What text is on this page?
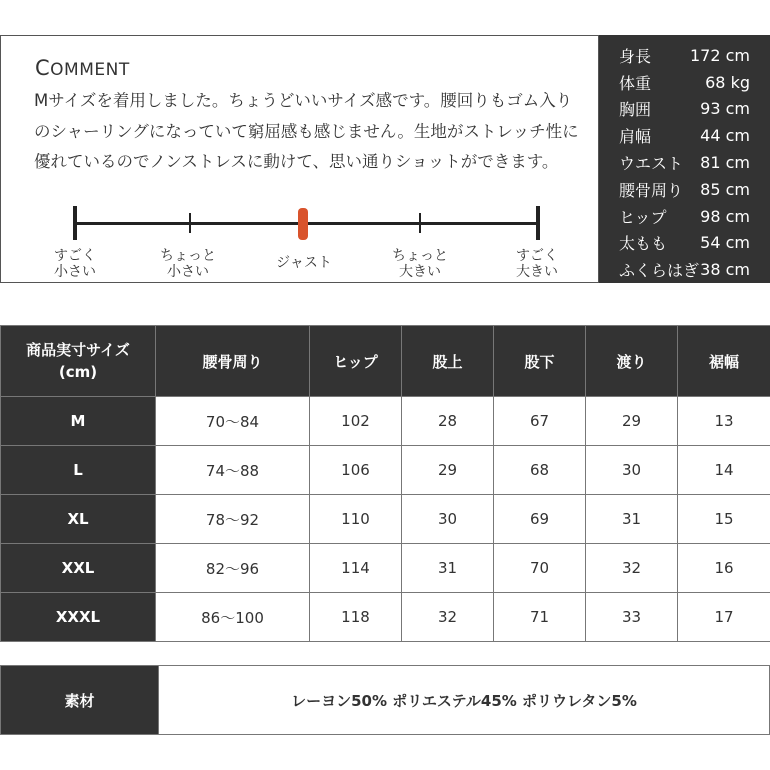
COMMENT

Mサイズを着用しました。ちょうどいいサイズ感です。腰回りもゴム入りのシャーリングになっていて窮屈感も感じません。生地がストレッチ性に優れているのでノンストレスに動けて、思い通りショットができます。

すごく
小さい
ちょっと
小さい
ジャスト	ちょっと
大きい
すごく
大きい
身長	172 cm
体重	68 kg
胸囲	93 cm
肩幅	44 cm
ウエスト	81 cm
腰骨周り	85 cm
ヒップ	98 cm
太もも	54 cm
ふくらはぎ 38 cm
商品実寸サイズ
(cm)	腰骨周り	ヒップ	股上	股下	渡り	裾幅
M	70～84	102	28	67	29	13
L	74～88	106	29	68	30	14
XL	78～92	110	30	69	31	15
XXL	82～96	114	31	70	32	16
XXXL	86～100	118	32	71	33	17
素材	レーヨン50% ポリエステル45% ポリウレタン5%
